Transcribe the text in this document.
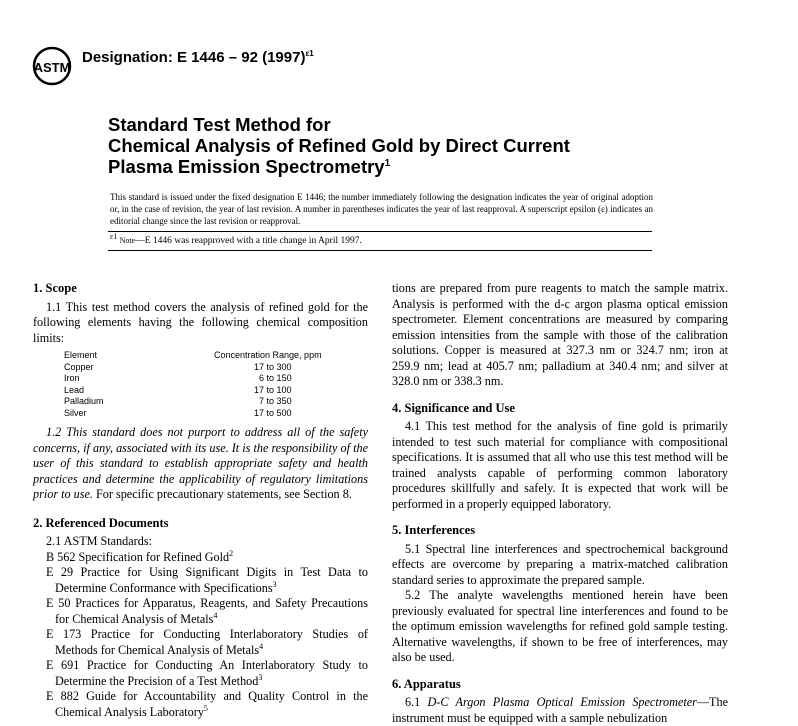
ASTM
Designation: E 1446 – 92 $(1997)^{\varepsilon 1}$
Standard Test Method for
Chemical Analysis of Refined Gold by Direct Current
Plasma Emission Spectrometry$^1$
This standard is issued under the fixed designation E 1446; the number immediately following the designation indicates the year of original adoption or, in the case of revision, the year of last revision. A number in parentheses indicates the year of last reapproval. A superscript epsilon (ε) indicates an editorial change since the last revision or reapproval.
$^{\varepsilon 1}$ Note—E 1446 was reapproved with a title change in April 1997.

1. Scope

1.1 This test method covers the analysis of refined gold for the following elements having the following chemical composition limits:

Element	Concentration Range, ppm
Copper	17 to 300
Iron	6 to 150
Lead	17 to 100
Palladium	7 to 350
Silver	17 to 500

1.2 This standard does not purport to address all of the safety concerns, if any, associated with its use. It is the responsibility of the user of this standard to establish appropriate safety and health practices and determine the applicability of regulatory limitations prior to use. For specific precautionary statements, see Section 8.

2. Referenced Documents

2.1 ASTM Standards:

B 562 Specification for Refined Gold$^2$

E 29 Practice for Using Significant Digits in Test Data to Determine Conformance with Specifications$^3$

E 50 Practices for Apparatus, Reagents, and Safety Precautions for Chemical Analysis of Metals$^4$

E 173 Practice for Conducting Interlaboratory Studies of Methods for Chemical Analysis of Metals$^4$

E 691 Practice for Conducting An Interlaboratory Study to Determine the Precision of a Test Method$^3$

E 882 Guide for Accountability and Quality Control in the Chemical Analysis Laboratory$^5$

tions are prepared from pure reagents to match the sample matrix. Analysis is performed with the d-c argon plasma optical emission spectrometer. Element concentrations are measured by comparing emission intensities from the sample with those of the calibration solutions. Copper is measured at 327.3 nm or 324.7 nm; iron at 259.9 nm; lead at 405.7 nm; palladium at 340.4 nm; and silver at 328.0 nm or 338.3 nm.

4. Significance and Use

4.1 This test method for the analysis of fine gold is primarily intended to test such material for compliance with compositional specifications. It is assumed that all who use this test method will be trained analysts capable of performing common laboratory procedures skillfully and safely. It is expected that work will be performed in a properly equipped laboratory.

5. Interferences

5.1 Spectral line interferences and spectrochemical background effects are overcome by preparing a matrix-matched calibration standard series to approximate the prepared sample.

5.2 The analyte wavelengths mentioned herein have been previously evaluated for spectral line interferences and found to be the optimum emission wavelengths for refined gold sample testing. Alternative wavelengths, if shown to be free of interferences, may also be used.

6. Apparatus

6.1 D-C Argon Plasma Optical Emission Spectrometer—The instrument must be equipped with a sample nebulization
